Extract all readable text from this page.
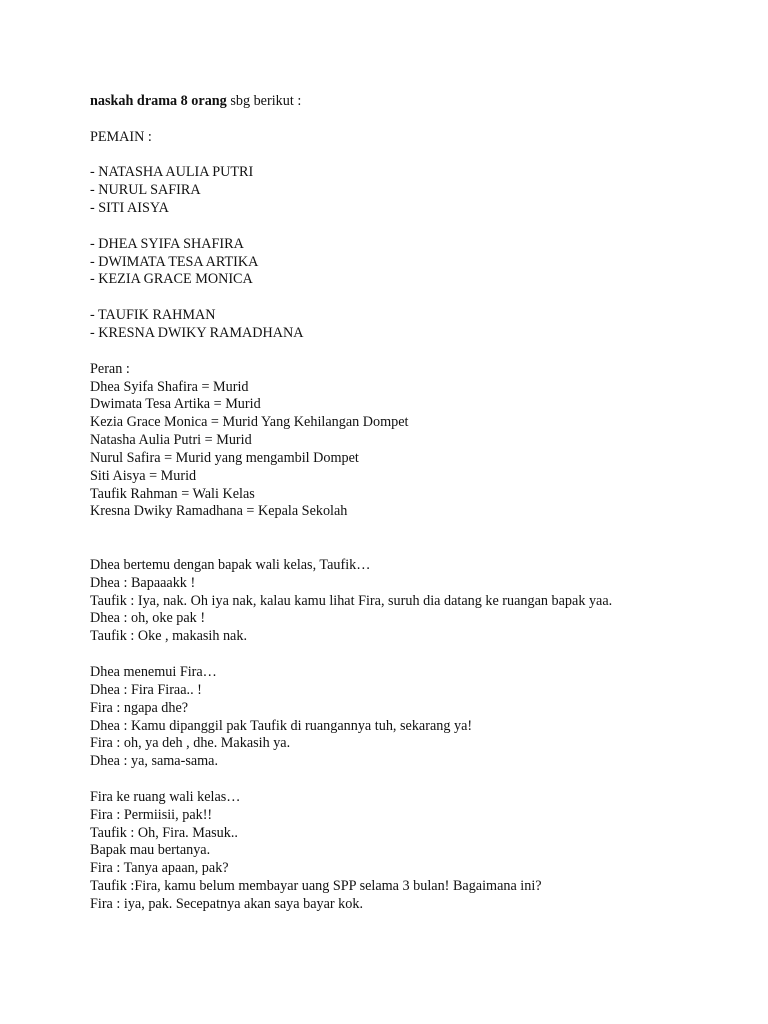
naskah drama 8 orang sbg berikut :
PEMAIN :
- NATASHA AULIA PUTRI
- NURUL SAFIRA
- SITI AISYA
- DHEA SYIFA SHAFIRA
- DWIMATA TESA ARTIKA
- KEZIA GRACE MONICA
- TAUFIK RAHMAN
- KRESNA DWIKY RAMADHANA
Peran :
Dhea Syifa Shafira = Murid
Dwimata Tesa Artika = Murid
Kezia Grace Monica = Murid Yang Kehilangan Dompet
Natasha Aulia Putri = Murid
Nurul Safira = Murid yang mengambil Dompet
Siti Aisya = Murid
Taufik Rahman = Wali Kelas
Kresna Dwiky Ramadhana = Kepala Sekolah
Dhea bertemu dengan bapak wali kelas, Taufik…
Dhea : Bapaaakk !
Taufik : Iya, nak. Oh iya nak, kalau kamu lihat Fira, suruh dia datang ke ruangan bapak yaa.
Dhea : oh, oke pak !
Taufik : Oke , makasih nak.
Dhea menemui Fira…
Dhea : Fira Firaa.. !
Fira : ngapa dhe?
Dhea : Kamu dipanggil pak Taufik di ruangannya tuh, sekarang ya!
Fira : oh, ya deh , dhe. Makasih ya.
Dhea : ya, sama-sama.
Fira ke ruang wali kelas…
Fira : Permiisii, pak!!
Taufik : Oh, Fira. Masuk..
Bapak mau bertanya.
Fira : Tanya apaan, pak?
Taufik :Fira, kamu belum membayar uang SPP selama 3 bulan! Bagaimana ini?
Fira : iya, pak. Secepatnya akan saya bayar kok.
